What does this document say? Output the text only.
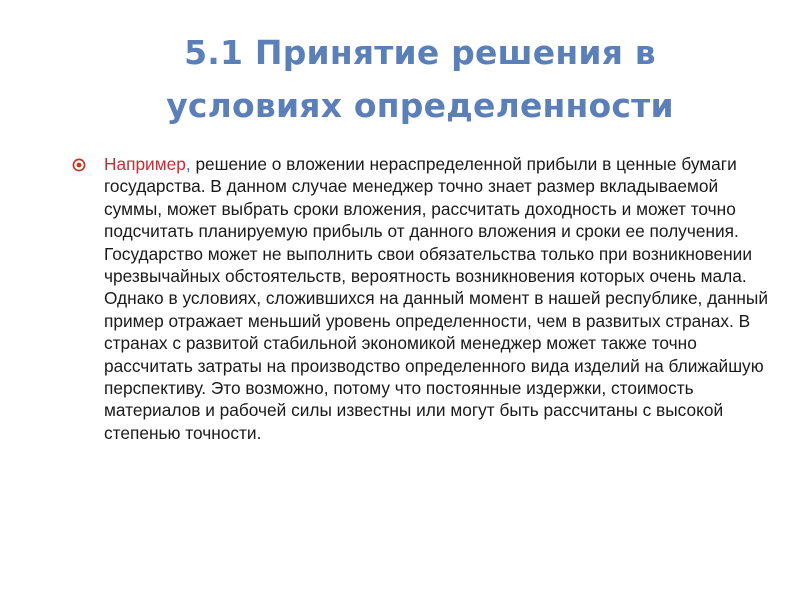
5.1 Принятие решения в
условиях определенности
Например, решение о вложении нераспределенной прибыли в ценные бумаги государства. В данном случае менеджер точно знает размер вкладываемой суммы, может выбрать сроки вложения, рассчитать доходность и может точно подсчитать планируемую прибыль от данного вложения и сроки ее получения. Государство может не выполнить свои обязательства только при возникновении чрезвычайных обстоятельств, вероятность возникновения которых очень мала. Однако в условиях, сложившихся на данный момент в нашей республике, данный пример отражает меньший уровень определенности, чем в развитых странах. В странах с развитой стабильной экономикой менеджер может также точно рассчитать затраты на производство определенного вида изделий на ближайшую перспективу. Это возможно, потому что постоянные издержки, стоимость материалов и рабочей силы известны или могут быть рассчитаны с высокой степенью точности.
